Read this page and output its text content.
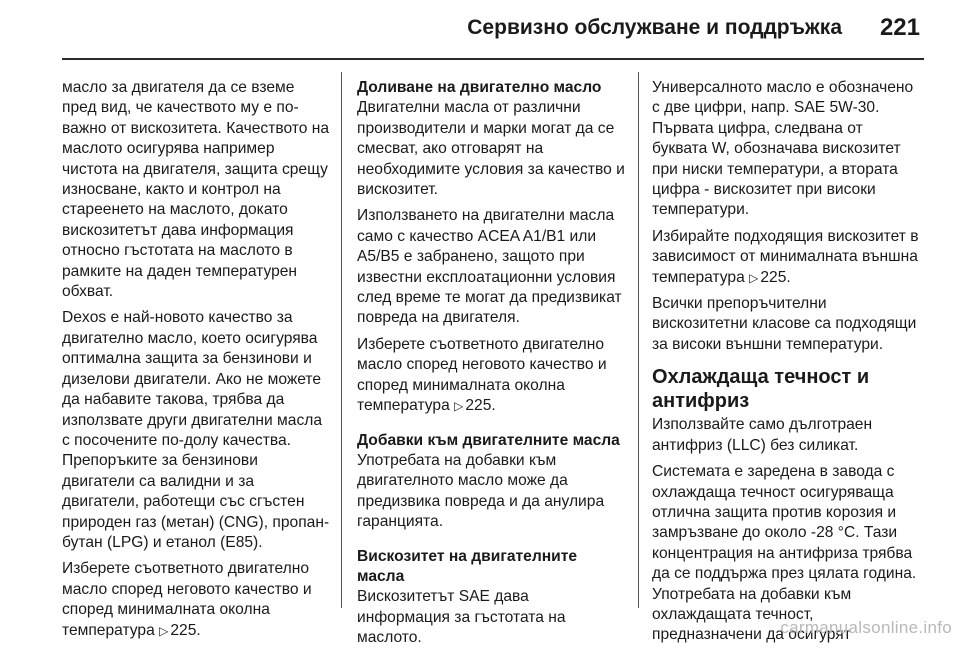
Сервизно обслужване и поддръжка 221

масло за двигателя да се вземе пред вид, че качеството му е по-важно от вискозитета. Качеството на маслото осигурява например чистота на двигателя, защита срещу износване, както и контрол на стареенето на маслото, докато вискозитетът дава информация относно гъстотата на маслото в рамките на даден температурен обхват.

Dexos е най-новото качество за двигателно масло, което осигурява оптимална защита за бензинови и дизелови двигатели. Ако не можете да набавите такова, трябва да използвате други двигателни масла с посочените по-долу качества. Препоръките за бензинови двигатели са валидни и за двигатели, работещи със сгъстен природен газ (метан) (CNG), пропан-бутан (LPG) и етанол (E85).

Изберете съответното двигателно масло според неговото качество и според минималната околна температура ▷ 225.

Доливане на двигателно масло
Двигателни масла от различни производители и марки могат да се смесват, ако отговарят на необходимите условия за качество и вискозитет.

Използването на двигателни масла само с качество ACEA A1/B1 или A5/B5 е забранено, защото при известни експлоатационни условия след време те могат да предизвикат повреда на двигателя.

Изберете съответното двигателно масло според неговото качество и според минималната околна температура ▷ 225.

Добавки към двигателните масла
Употребата на добавки към двигателното масло може да предизвика повреда и да анулира гаранцията.

Вискозитет на двигателните масла
Вискозитетът SAE дава информация за гъстотата на маслото.

Универсалното масло е обозначено с две цифри, напр. SAE 5W-30. Първата цифра, следвана от буквата W, обозначава вискозитет при ниски температури, а втората цифра - вискозитет при високи температури.

Избирайте подходящия вискозитет в зависимост от минималната външна температура ▷ 225.

Всички препоръчителни вискозитетни класове са подходящи за високи външни температури.

Охлаждаща течност и антифриз

Използвайте само дълготраен антифриз (LLC) без силикат.

Системата е заредена в завода с охлаждаща течност осигуряваща отлична защита против корозия и замръзване до около -28 °C. Тази концентрация на антифриза трябва да се поддържа през цялата година. Употребата на добавки към охлаждащата течност, предназначени да осигурят

carmanualsonline.info
